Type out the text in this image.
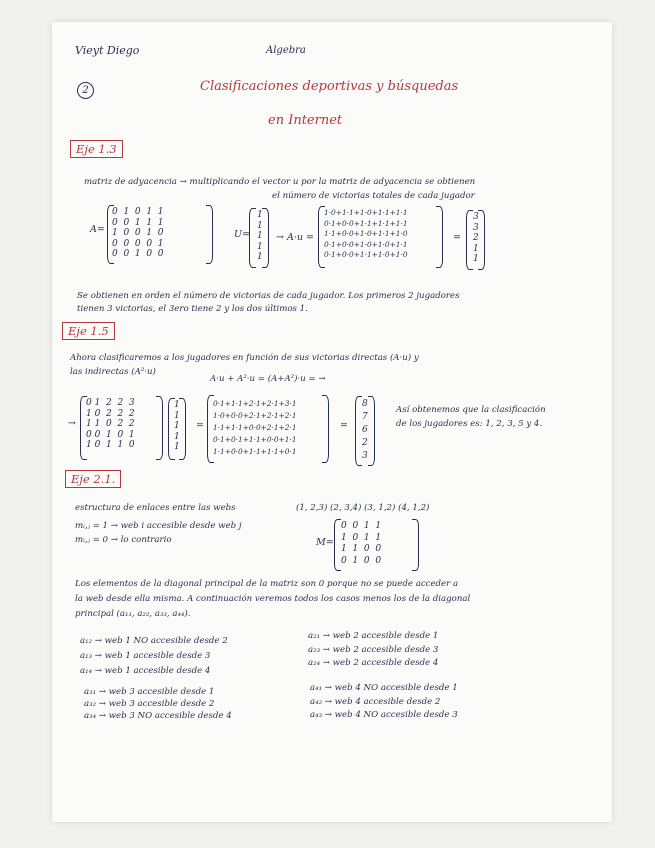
Vieyt Diego	Algebra
2	Clasificaciones deportivas y búsquedas
en Internet
Eje 1.3
matriz de adyacencia → multiplicando el vector u por la matriz de adyacencia se obtienen
el número de victorias totales de cada jugador
A=
0  1  0  1  1
0  0  1  1  1
1  0  0  1  0
0  0  0  0  1
0  0  1  0  0
U=
1
1
1
1
1
→ A·u =
1·0+1·1+1·0+1·1+1·1
0·1+0·0+1·1+1·1+1·1
1·1+0·0+1·0+1·1+1·0
0·1+0·0+1·0+1·0+1·1
0·1+0·0+1·1+1·0+1·0
=
3
3
2
1
1
Se obtienen en orden el número de victorias de cada jugador. Los primeros 2 jugadores
tienen 3 victorias, el 3ero tiene 2 y los dos últimos 1.
Eje 1.5
Ahora clasificaremos a los jugadores en función de sus victorias directas (A·u) y
las indirectas (A²·u)
A·u + A²·u = (A+A²)·u = →
→
0 1  2  2  3
1 0  2  2  2
1 1  0  2  2
0 0  1  0  1
1 0  1  1  0
1
1
1
1
1
=
0·1+1·1+2·1+2·1+3·1
1·0+0·0+2·1+2·1+2·1
1·1+1·1+0·0+2·1+2·1
0·1+0·1+1·1+0·0+1·1
1·1+0·0+1·1+1·1+0·1
=
8
7
6
2
3
Así obtenemos que la clasificación
de los jugadores es: 1, 2, 3, 5 y 4.
Eje 2.1.
estructura de enlaces entre las webs	(1, 2,3) (2, 3,4) (3, 1,2) (4, 1,2)
mᵢ,ⱼ = 1 → web i accesible desde web j
mᵢ,ⱼ = 0 → lo contrario	M=
0  0  1  1
1  0  1  1
1  1  0  0
0  1  0  0
Los elementos de la diagonal principal de la matriz son 0 porque no se puede acceder a
la web desde ella misma. A continuación veremos todos los casos menos los de la diagonal
principal (a₁₁, a₂₂, a₃₃, a₄₄).
a₁₂ → web 1 NO accesible desde 2
a₁₃ → web 1 accesible desde 3
a₁₄ → web 1 accesible desde 4
a₂₁ → web 2 accesible desde 1
a₂₃ → web 2 accesible desde 3
a₂₄ → web 2 accesible desde 4
a₃₁ → web 3 accesible desde 1
a₃₂ → web 3 accesible desde 2
a₃₄ → web 3 NO accesible desde 4
a₄₁ → web 4 NO accesible desde 1
a₄₂ → web 4 accesible desde 2
a₄₃ → web 4 NO accesible desde 3
